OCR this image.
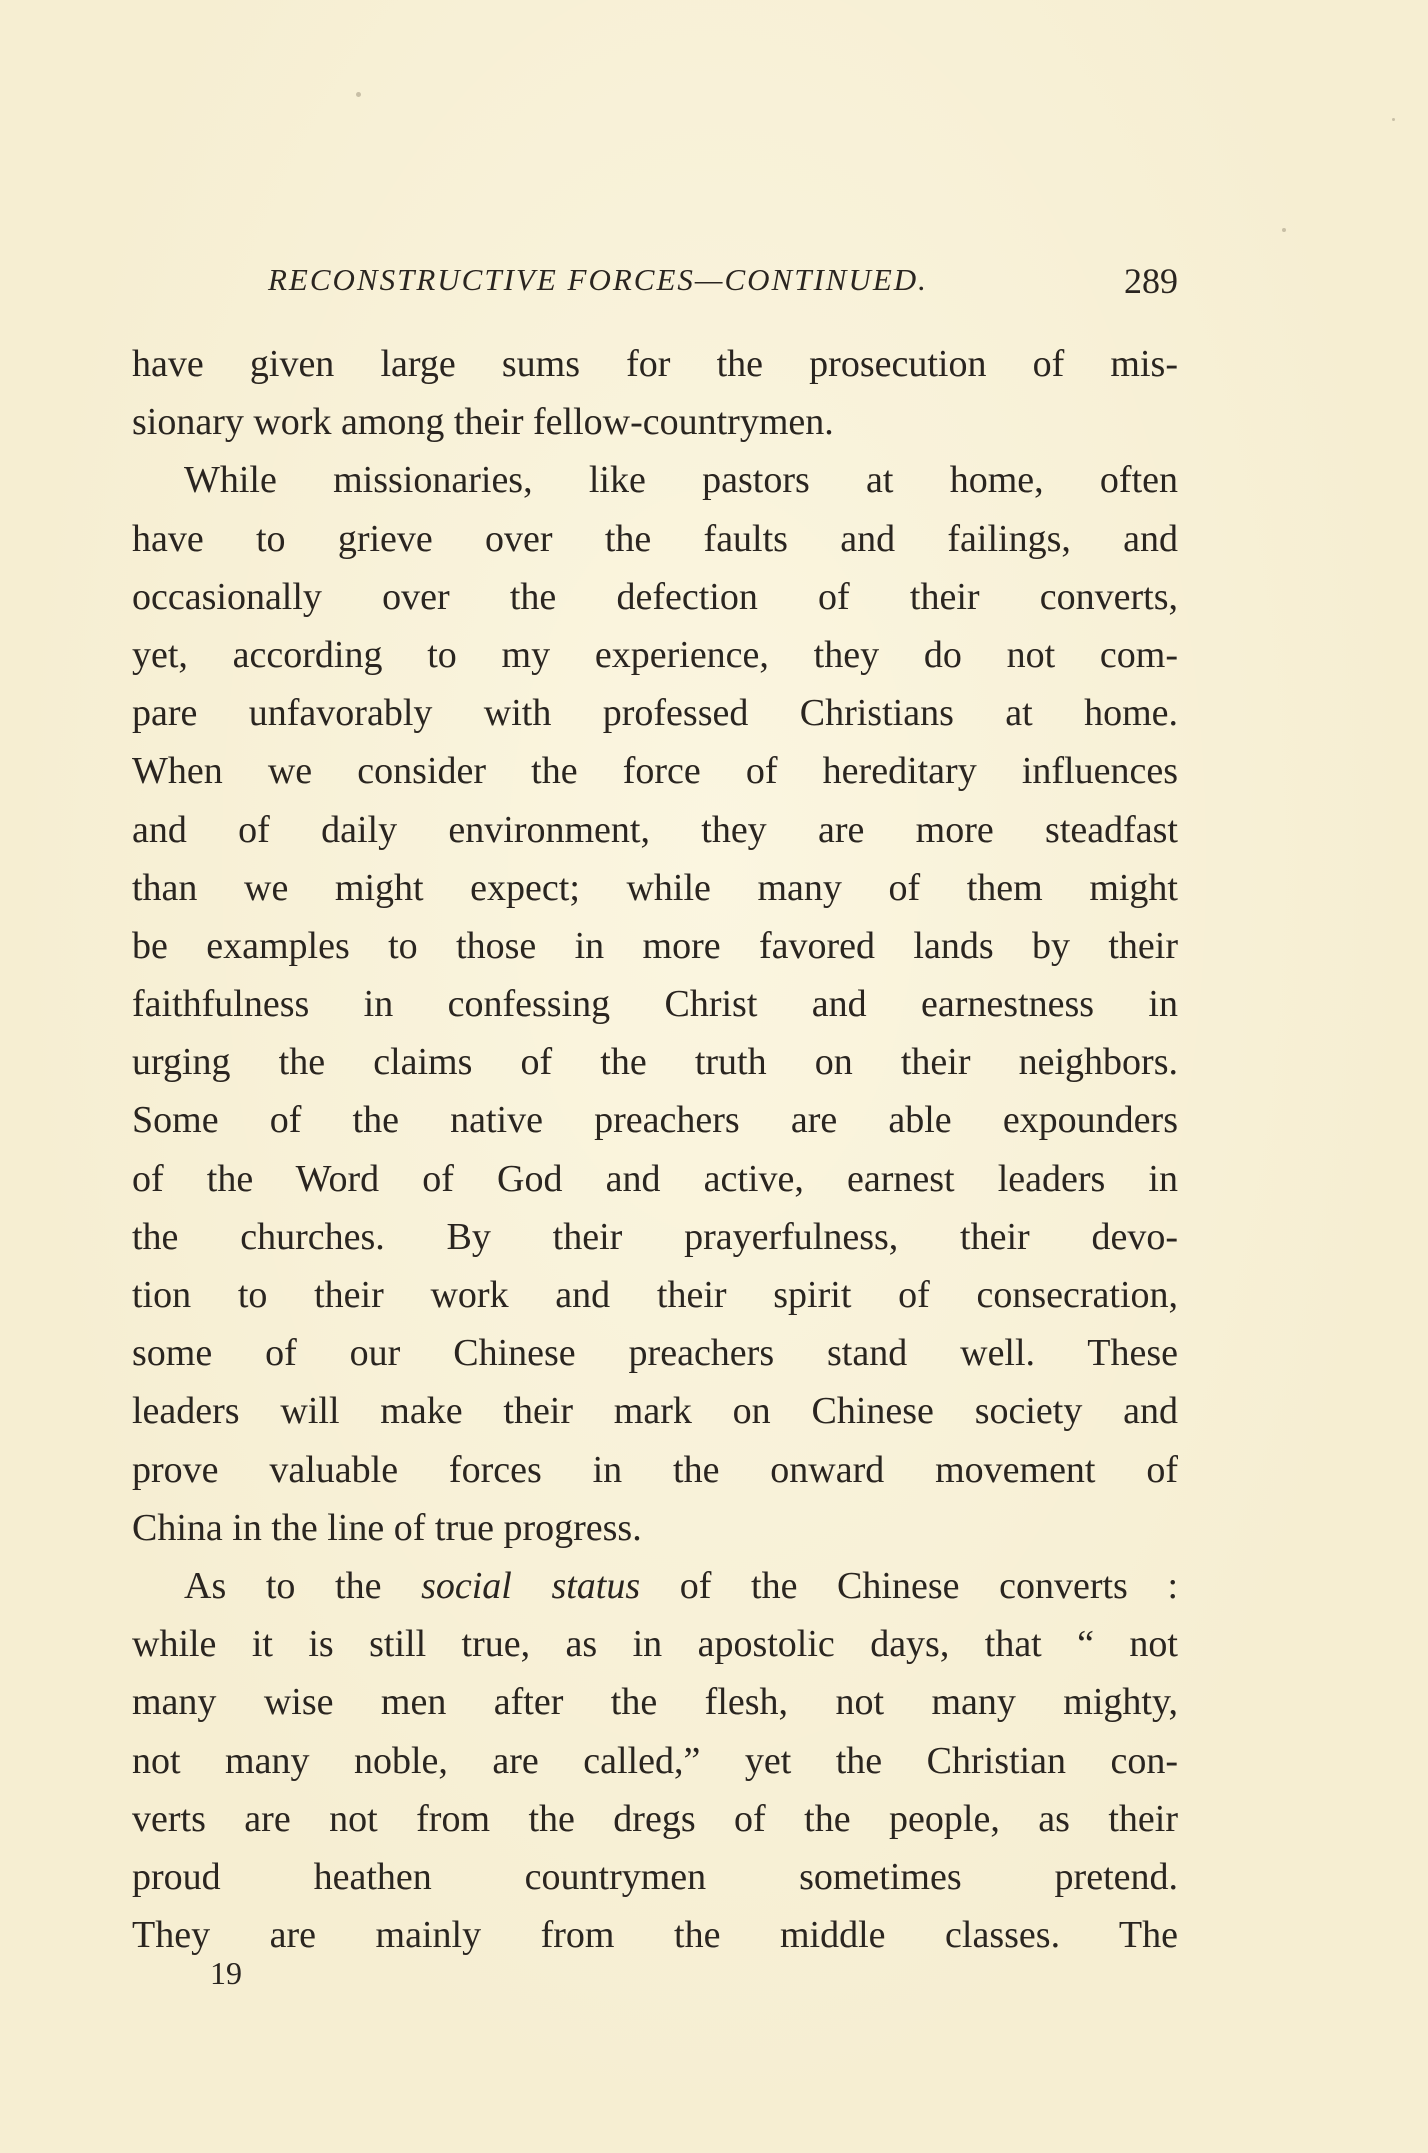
RECONSTRUCTIVE FORCES—CONTINUED.	289
have given large sums for the prosecution of mis-
sionary work among their fellow-countrymen.
While missionaries, like pastors at home, often
have to grieve over the faults and failings, and
occasionally over the defection of their converts,
yet, according to my experience, they do not com-
pare unfavorably with professed Christians at home.
When we consider the force of hereditary influences
and of daily environment, they are more steadfast
than we might expect; while many of them might
be examples to those in more favored lands by their
faithfulness in confessing Christ and earnestness in
urging the claims of the truth on their neighbors.
Some of the native preachers are able expounders
of the Word of God and active, earnest leaders in
the churches. By their prayerfulness, their devo-
tion to their work and their spirit of consecration,
some of our Chinese preachers stand well. These
leaders will make their mark on Chinese society and
prove valuable forces in the onward movement of
China in the line of true progress.
As to the social status of the Chinese converts :
while it is still true, as in apostolic days, that “ not
many wise men after the flesh, not many mighty,
not many noble, are called,” yet the Christian con-
verts are not from the dregs of the people, as their
proud heathen countrymen sometimes pretend.
They are mainly from the middle classes. The
19
